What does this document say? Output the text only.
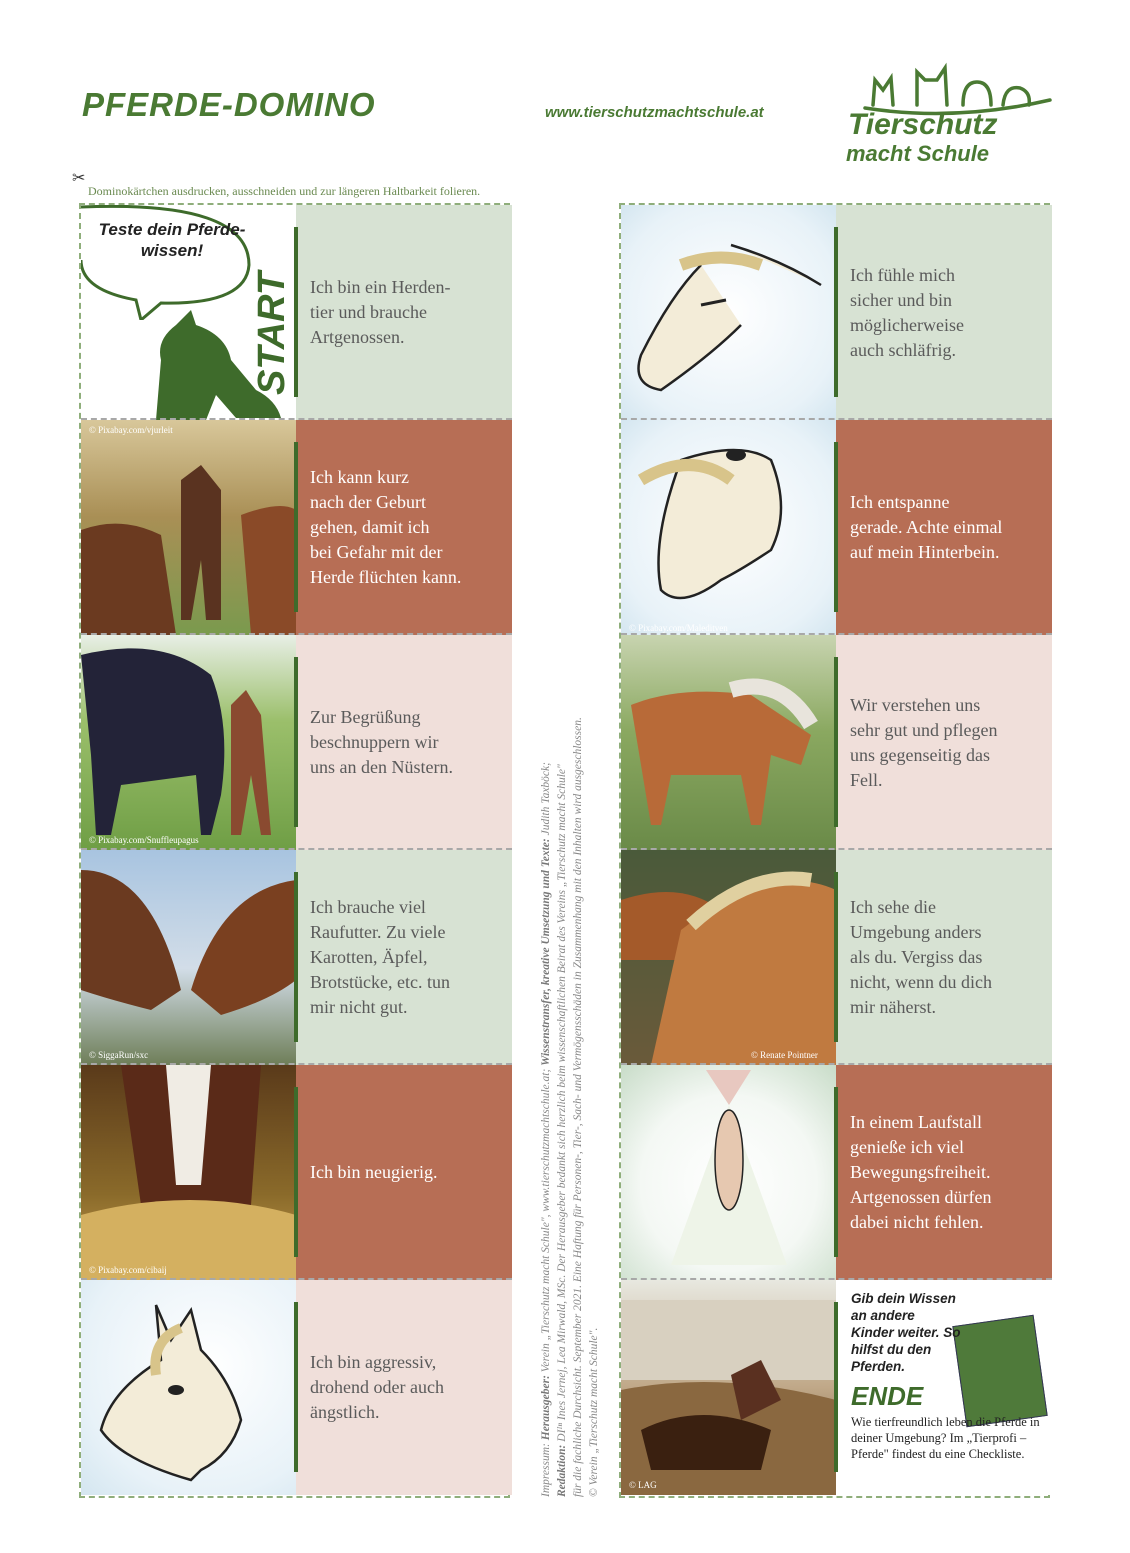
PFERDE-DOMINO	www.tierschutzmachtschule.at	Tierschutz
macht Schule
✂
Dominokärtchen ausdrucken, ausschneiden und zur längeren Haltbarkeit folieren.
Teste dein Pferde-wissen!
START Ich bin ein Herden-
tier und brauche
Artgenossen.
© Pixabay.com/vjurleit
Ich kann kurz
nach der Geburt
gehen, damit ich
bei Gefahr mit der
Herde flüchten kann.
© Pixabay.com/Snuffleupagus
Zur Begrüßung
beschnuppern wir
uns an den Nüstern.
© SiggaRun/sxc
Ich brauche viel
Raufutter. Zu viele
Karotten, Äpfel,
Brotstücke, etc. tun
mir nicht gut.
© Pixabay.com/cibaij
Ich bin neugierig.
Ich bin aggressiv,
drohend oder auch
ängstlich.
Ich fühle mich
sicher und bin
möglicherweise
auch schläfrig.
© Pixabay.com/Maleditven
Ich entspanne
gerade. Achte einmal
auf mein Hinterbein.
Wir verstehen uns
sehr gut und pflegen
uns gegenseitig das
Fell.
© Renate Pointner
Ich sehe die
Umgebung anders
als du. Vergiss das
nicht, wenn du dich
mir näherst.
In einem Laufstall
genieße ich viel
Bewegungsfreiheit.
Artgenossen dürfen
dabei nicht fehlen.
© LAG
Gib dein Wissen an andere Kinder weiter. So hilfst du den Pferden.
ENDE
Wie tierfreundlich leben die Pferde in deiner Umgebung? Im „Tierprofi – Pferde" findest du eine Checkliste.
Impressum: Herausgeber: Verein „Tierschutz macht Schule", www.tierschutzmachtschule.at; Wissenstransfer, kreative Umsetzung und Texte: Judith Taxböck;
Redaktion: DIᴵⁿ Ines Jernej, Lea Mirwald, MSc. Der Herausgeber bedankt sich herzlich beim wissenschaftlichen Beirat des Vereins „Tierschutz macht Schule" für die fachliche Durchsicht. September 2021. Eine Haftung für Personen-, Tier-, Sach- und Vermögensschäden in Zusammenhang mit den Inhalten wird ausgeschlossen. © Verein „Tierschutz macht Schule".
